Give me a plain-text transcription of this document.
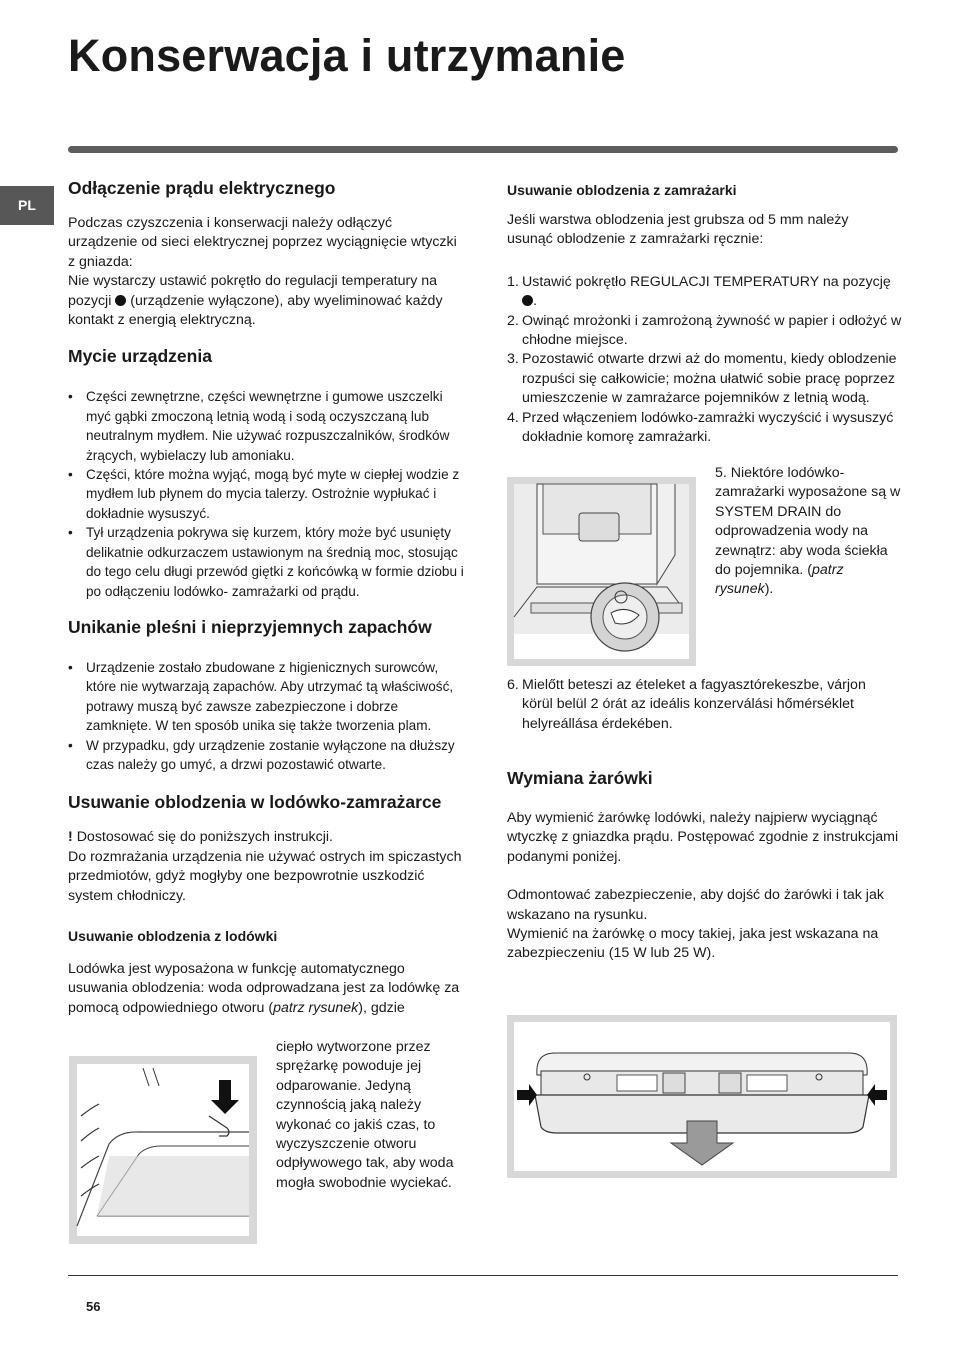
Konserwacja i utrzymanie
PL
Odłączenie prądu elektrycznego

Podczas czyszczenia i konserwacji należy odłączyć urządzenie od sieci elektrycznej poprzez wyciągnięcie wtyczki z gniazda:
Nie wystarczy ustawić pokrętło do regulacji temperatury na pozycji (urządzenie wyłączone), aby wyeliminować każdy kontakt z energią elektryczną.

Mycie urządzenia
• Części zewnętrzne, części wewnętrzne i gumowe uszczelki myć gąbki zmoczoną letnią wodą i sodą oczyszczaną lub neutralnym mydłem. Nie używać rozpuszczalników, środków żrących, wybielaczy lub amoniaku.
• Części, które można wyjąć, mogą być myte w ciepłej wodzie z mydłem lub płynem do mycia talerzy. Ostrożnie wypłukać i dokładnie wysuszyć.
• Tył urządzenia pokrywa się kurzem, który może być usunięty delikatnie odkurzaczem ustawionym na średnią moc, stosując do tego celu długi przewód giętki z końcówką w formie dziobu i po odłączeniu lodówko- zamrażarki od prądu.
Unikanie pleśni i nieprzyjemnych zapachów
• Urządzenie zostało zbudowane z higienicznych surowców, które nie wytwarzają zapachów. Aby utrzymać tą właściwość, potrawy muszą być zawsze zabezpieczone i dobrze zamknięte. W ten sposób unika się także tworzenia plam.
• W przypadku, gdy urządzenie zostanie wyłączone na dłuższy czas należy go umyć, a drzwi pozostawić otwarte.
Usuwanie oblodzenia w lodówko-zamrażarce

! Dostosować się do poniższych instrukcji.
Do rozmrażania urządzenia nie używać ostrych im spiczastych przedmiotów, gdyż mogłyby one bezpowrotnie uszkodzić system chłodniczy.

Usuwanie oblodzenia z lodówki

Lodówka jest wyposażona w funkcję automatycznego usuwania oblodzenia: woda odprowadzana jest za lodówkę za pomocą odpowiedniego otworu (patrz rysunek), gdzie

ciepło wytworzone przez sprężarkę powoduje jej odparowanie. Jedyną czynnością jaką należy wykonać co jakiś czas, to wyczyszczenie otworu odpływowego tak, aby woda mogła swobodnie wyciekać.

Usuwanie oblodzenia z zamrażarki

Jeśli warstwa oblodzenia jest grubsza od 5 mm należy usunąć oblodzenie z zamrażarki ręcznie:

1. Ustawić pokrętło REGULACJI TEMPERATURY na pozycję .
2. Owinąć mrożonki i zamrożoną żywność w papier i odłożyć w chłodne miejsce.
3. Pozostawić otwarte drzwi aż do momentu, kiedy oblodzenie rozpuści się całkowicie; można ułatwić sobie pracę poprzez umieszczenie w zamrażarce pojemników z letnią wodą.
4. Przed włączeniem lodówko-zamrażki wyczyścić i wysuszyć dokładnie komorę zamrażarki.

5. Niektóre lodówko-zamrażarki wyposażone są w SYSTEM DRAIN do odprowadzenia wody na zewnątrz: aby woda ściekła do pojemnika. (patrz rysunek).

6. Mielőtt beteszi az ételeket a fagyasztórekeszbe, várjon körül belül 2 órát az ideális konzerválási hőmérséklet helyreállása érdekében.
Wymiana żarówki

Aby wymienić żarówkę lodówki, należy najpierw wyciągnąć wtyczkę z gniazdka prądu. Postępować zgodnie z instrukcjami podanymi poniżej.

Odmontować zabezpieczenie, aby dojść do żarówki i tak jak wskazano na rysunku.

Wymienić na żarówkę o mocy takiej, jaka jest wskazana na zabezpieczeniu (15 W lub 25 W).

56
